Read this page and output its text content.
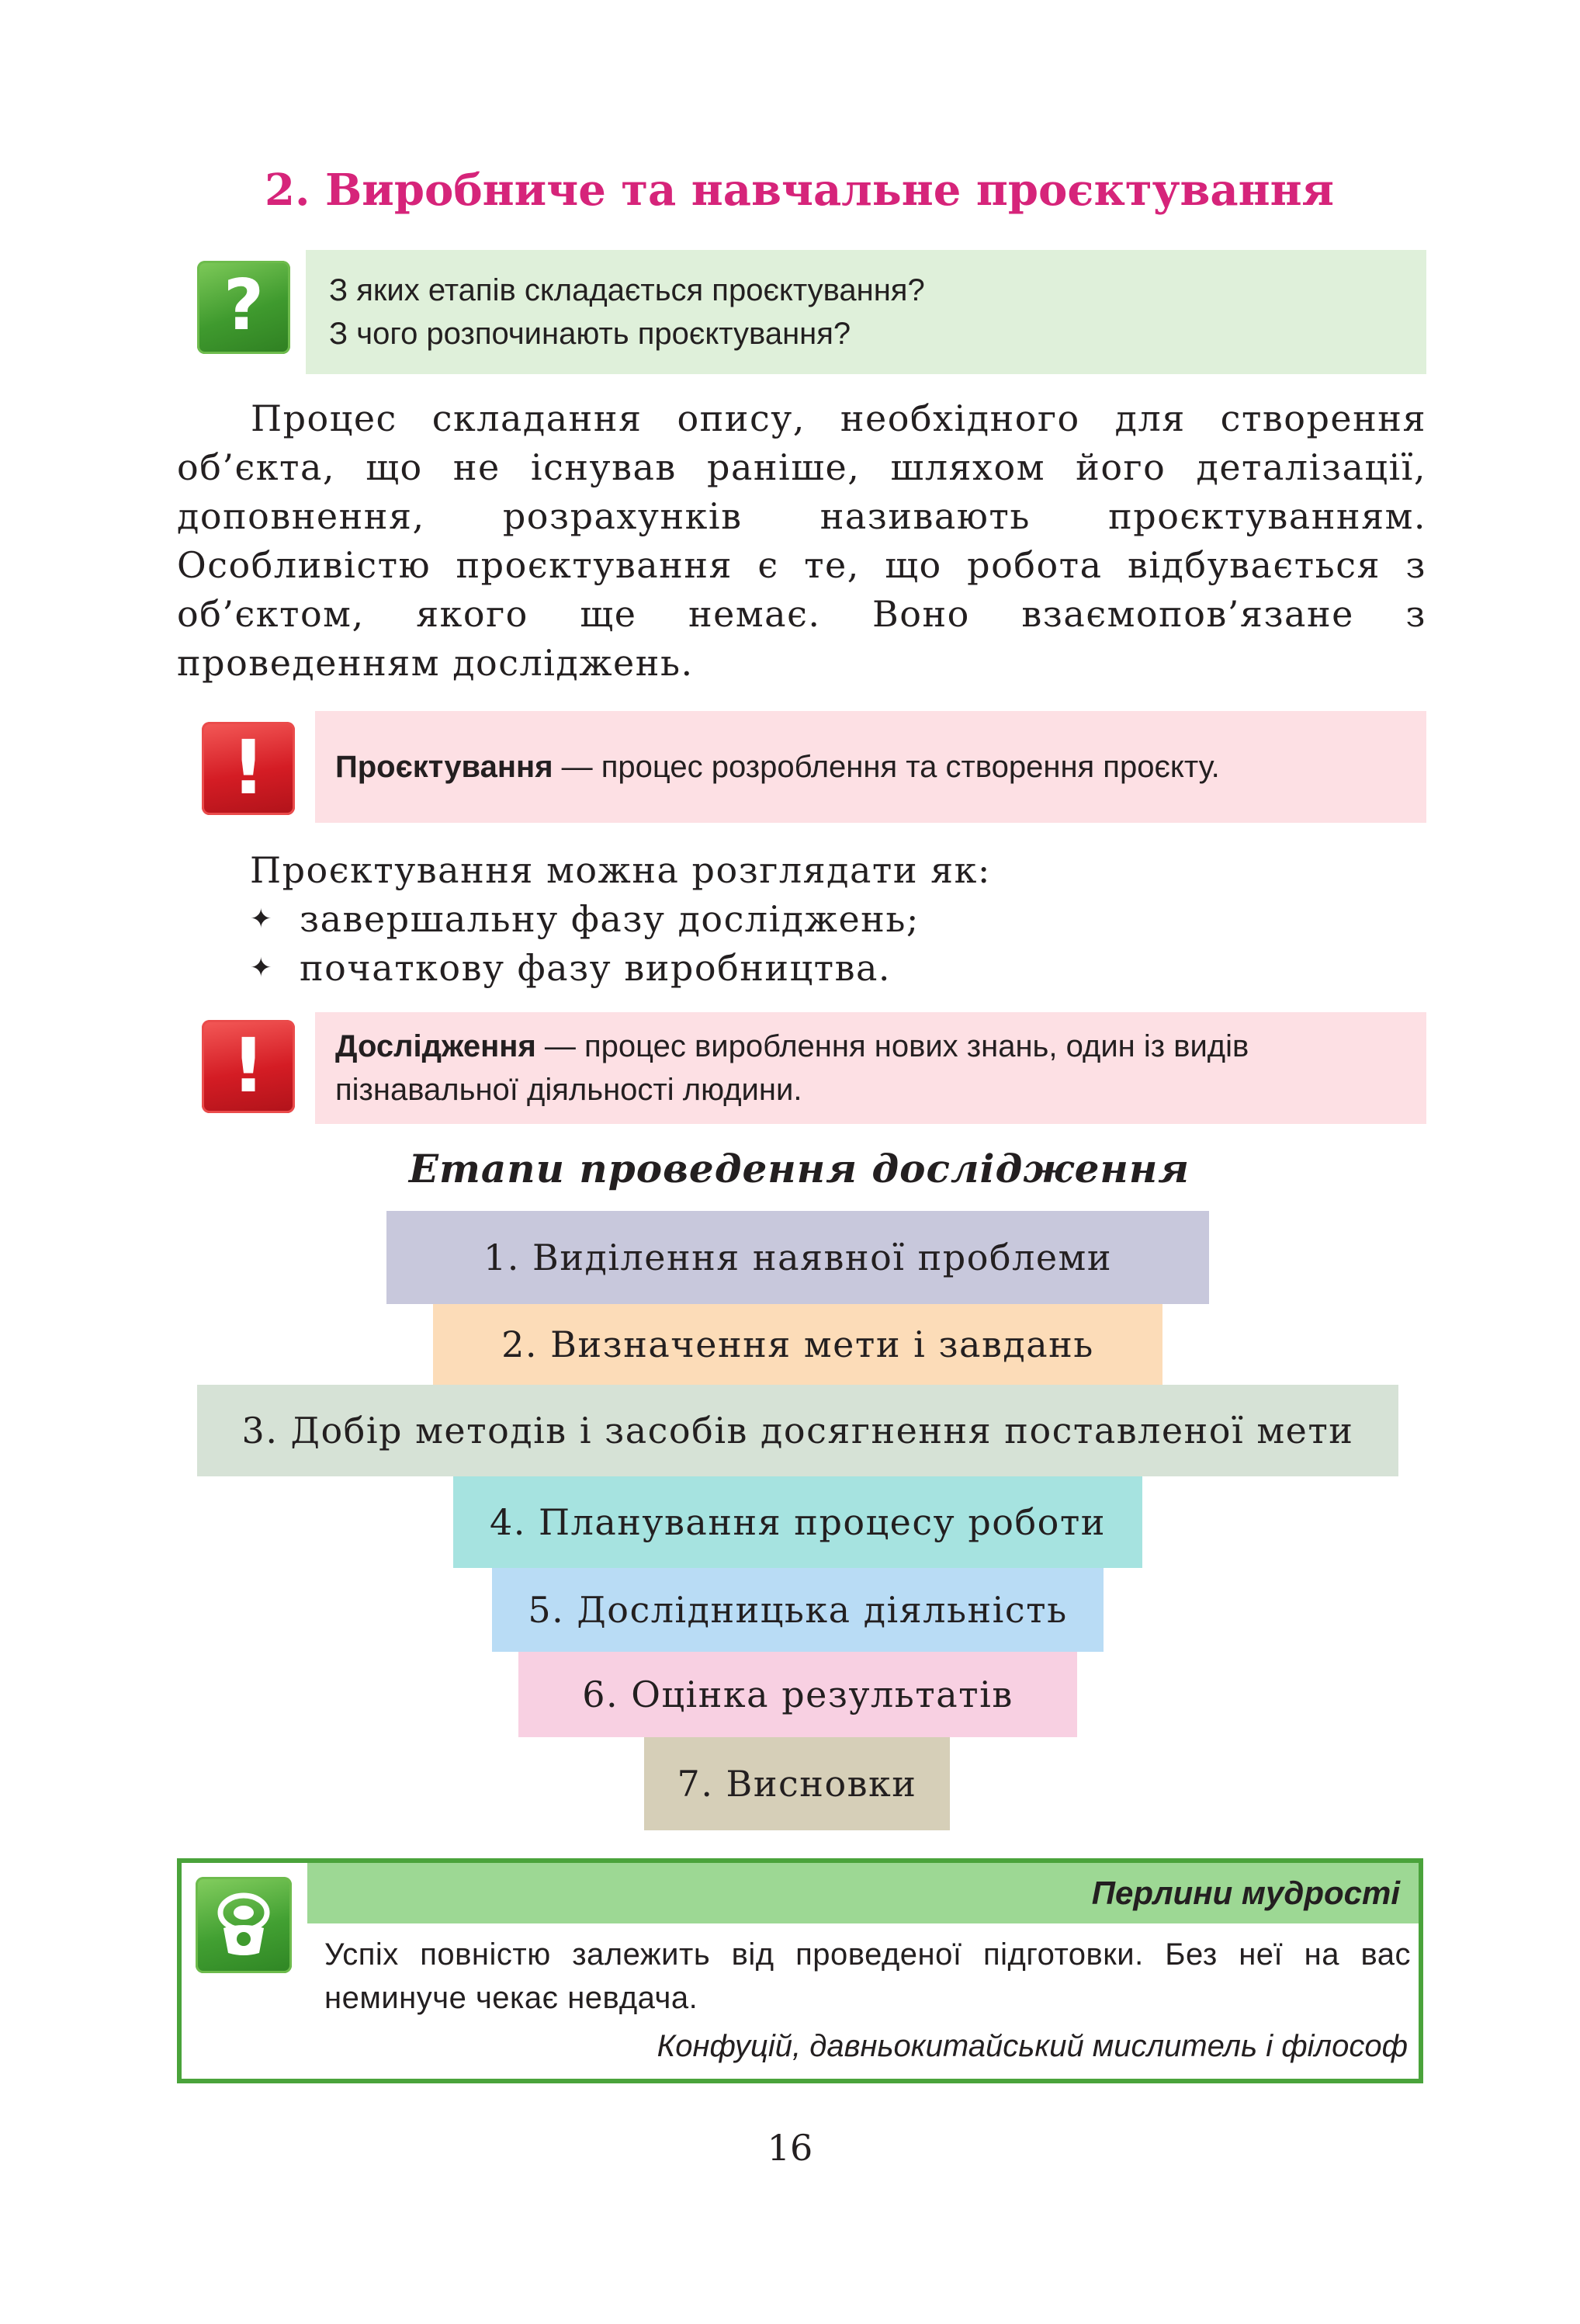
2. Виробниче та навчальне проєктування
?	З яких етапів складається проєктування?
З чого розпочинають проєктування?
Процес складання опису, необхідного для створення об’єкта, що не існував раніше, шляхом його деталізації, доповнення, розрахунків називають проєктуванням. Особливістю проєктування є те, що робота відбувається з об’єктом, якого ще немає. Воно взаємопов’язане з проведенням досліджень.
!	Проєктування — процес розроблення та створення проєкту.
Проєктування можна розглядати як:
✦ завершальну фазу досліджень;
✦ початкову фазу виробництва.
!	Дослідження — процес вироблення нових знань, один із видів пізнавальної діяльності людини.
Етапи проведення дослідження
1. Виділення наявної проблеми
2. Визначення мети і завдань
3. Добір методів і засобів досягнення поставленої мети
4. Планування процесу роботи
5. Дослідницька діяльність
6. Оцінка результатів
7. Висновки
Перлини мудрості
Успіх повністю залежить від проведеної підготовки. Без неї на вас неминуче чекає невдача.
Конфуцій, давньокитайський мислитель і філософ
16
